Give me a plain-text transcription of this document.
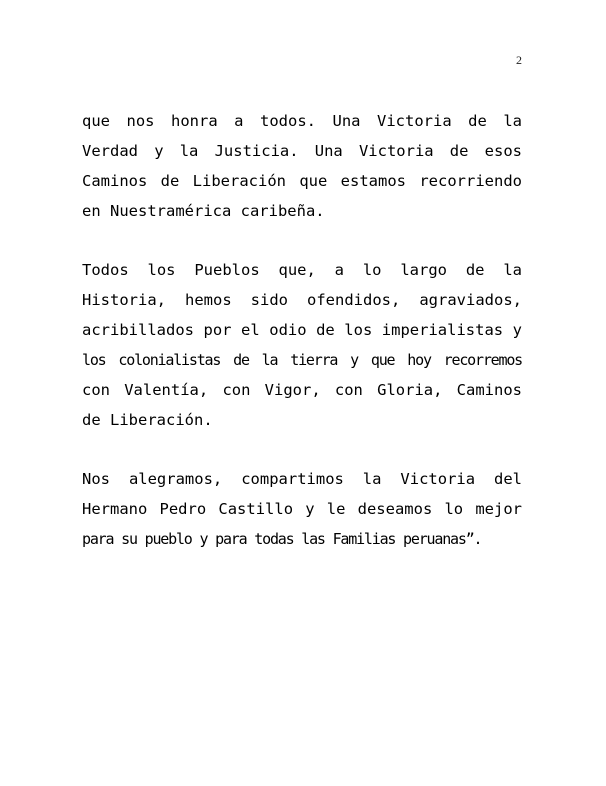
2

que nos honra a todos. Una Victoria de la
Verdad y la Justicia. Una Victoria de esos
Caminos de Liberación que estamos recorriendo
en Nuestramérica caribeña.

Todos los Pueblos que, a lo largo de la
Historia, hemos sido ofendidos, agraviados,
acribillados por el odio de los imperialistas y
los colonialistas de la tierra y que hoy recorremos
con Valentía, con Vigor, con Gloria, Caminos
de Liberación.

Nos alegramos, compartimos la Victoria del
Hermano Pedro Castillo y le deseamos lo mejor
para su pueblo y para todas las Familias peruanas”.
